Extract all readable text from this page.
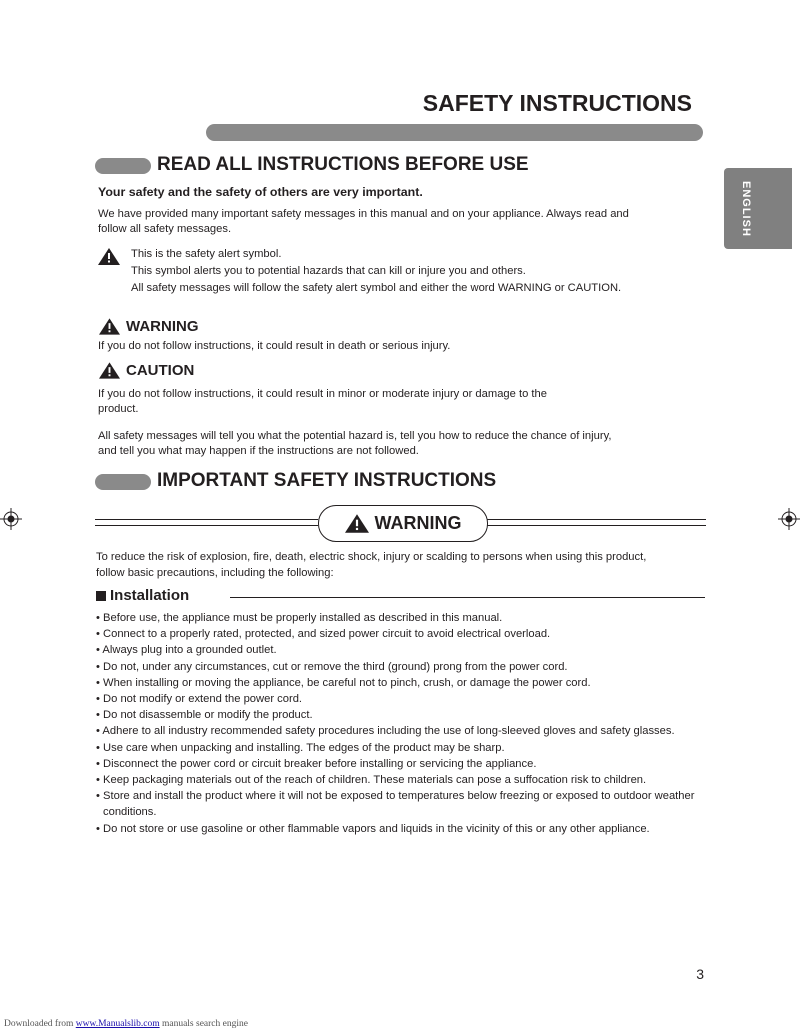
SAFETY INSTRUCTIONS
ENGLISH
READ ALL INSTRUCTIONS BEFORE USE

Your safety and the safety of others are very important.

We have provided many important safety messages in this manual and on your appliance. Always read and

follow all safety messages.

This is the safety alert symbol.

This symbol alerts you to potential hazards that can kill or injure you and others.

All safety messages will follow the safety alert symbol and either the word WARNING or CAUTION.

WARNING

If you do not follow instructions, it could result in death or serious injury.

CAUTION

If you do not follow instructions, it could result in minor or moderate injury or damage to the

product.

All safety messages will tell you what the potential hazard is, tell you how to reduce the chance of injury,

and tell you what may happen if the instructions are not followed.

IMPORTANT SAFETY INSTRUCTIONS
WARNING

To reduce the risk of explosion, fire, death, electric shock, injury or scalding to persons when using this product,

follow basic precautions, including the following:

Installation
• Before use, the appliance must be properly installed as described in this manual.
• Connect to a properly rated, protected, and sized power circuit to avoid electrical overload.
• Always plug into a grounded outlet.
• Do not, under any circumstances, cut or remove the third (ground) prong from the power cord.
• When installing or moving the appliance, be careful not to pinch, crush, or damage the power cord.
• Do not modify or extend the power cord.
• Do not disassemble or modify the product.
• Adhere to all industry recommended safety procedures including the use of long-sleeved gloves and safety glasses.
• Use care when unpacking and installing. The edges of the product may be sharp.
• Disconnect the power cord or circuit breaker before installing or servicing the appliance.
• Keep packaging materials out of the reach of children. These materials can pose a suffocation risk to children.
• Store and install the product where it will not be exposed to temperatures below freezing or exposed to outdoor weather conditions.
• Do not store or use gasoline or other flammable vapors and liquids in the vicinity of this or any other appliance.
3
Downloaded from www.Manualslib.com manuals search engine
